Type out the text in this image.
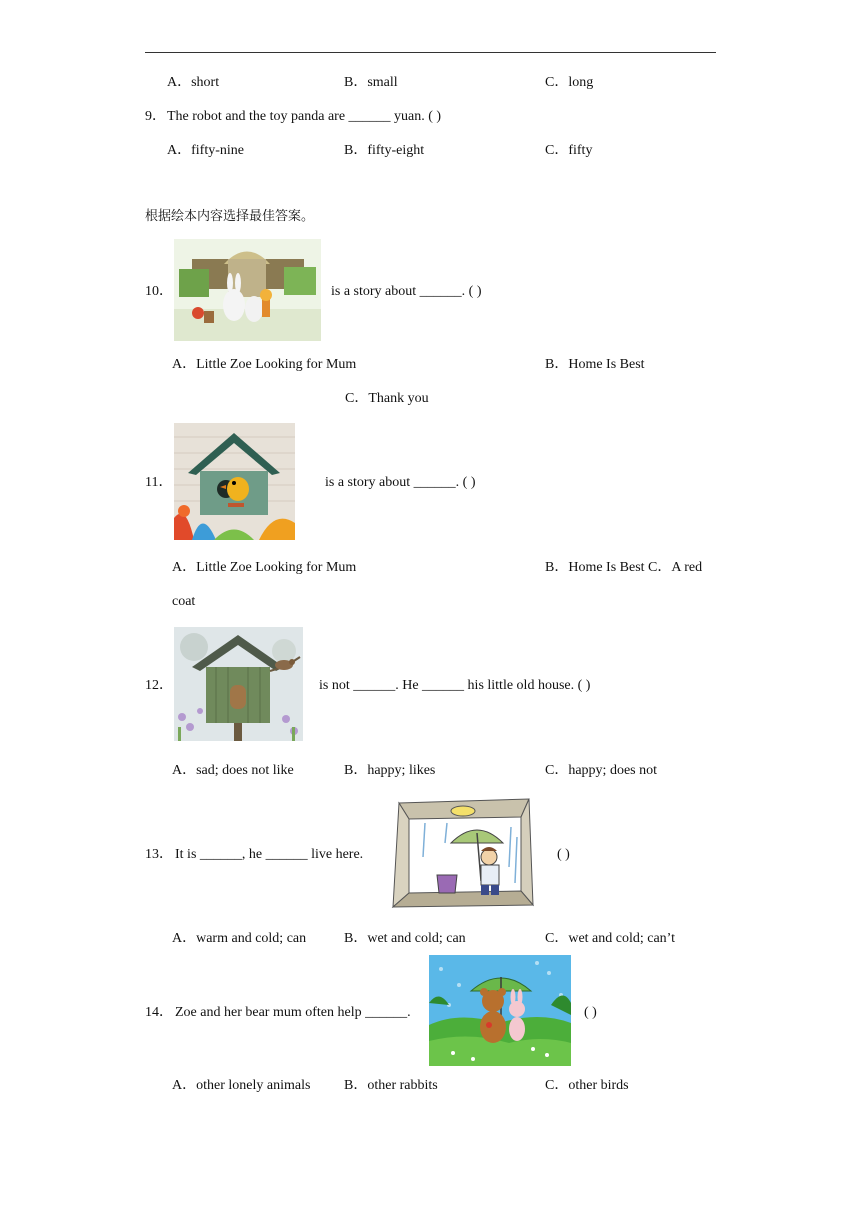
A．short	B．small	C．long
9． The robot and the toy panda are ______ yuan. ( )
A．fifty-nine	B．fifty-eight	C．fifty
根据绘本内容选择最佳答案。
10．	is a story about ______. ( )
A．Little Zoe Looking for Mum	B．Home Is Best
C．Thank you
11．	is a story about ______. ( )
A．Little Zoe Looking for Mum	B．Home Is Best C．A red
coat
12．	is not ______. He ______ his little old house. ( )
A．sad; does not like	B．happy; likes	C．happy; does not
13． It is ______, he ______ live here.	( )
A．warm and cold; can	B．wet and cold; can	C．wet and cold; can’t
14． Zoe and her bear mum often help ______.	( )
A．other lonely animals B．other rabbits	C．other birds
